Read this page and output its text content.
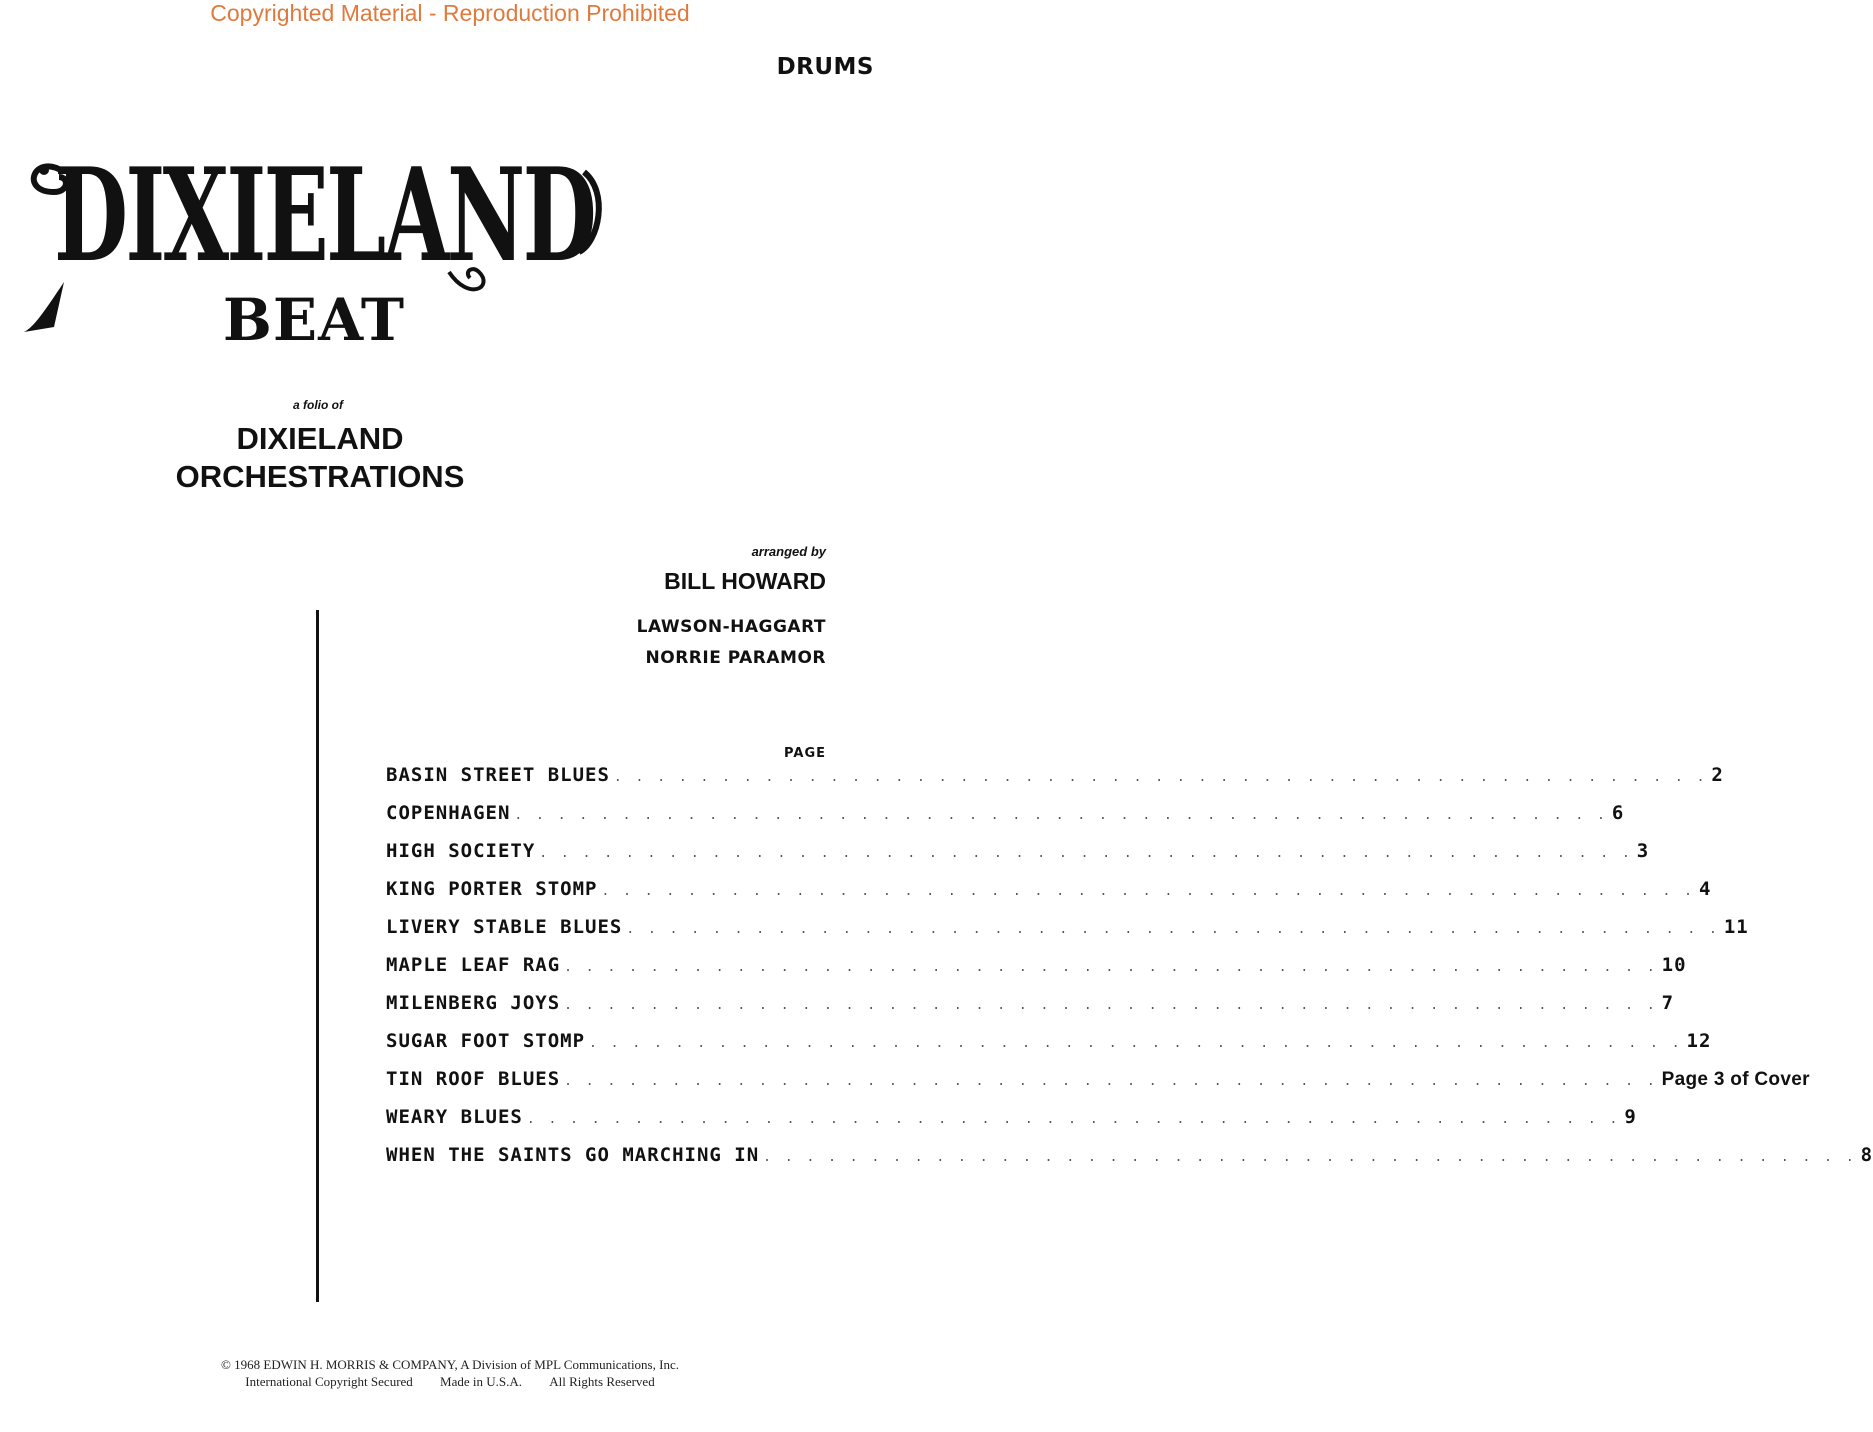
Copyrighted Material - Reproduction Prohibited
DRUMS
DIXIELAND
BEAT
a folio of
DIXIELAND
ORCHESTRATIONS
arranged by
BILL HOWARD
LAWSON-HAGGART
NORRIE PARAMOR
PAGE
BASIN STREET BLUES . . .	2
COPENHAGEN . . .	6
HIGH SOCIETY . . .	3
KING PORTER STOMP . . .	4
LIVERY STABLE BLUES . . .	11
MAPLE LEAF RAG . . .	10
MILENBERG JOYS . . .	7
SUGAR FOOT STOMP . . .	12
TIN ROOF BLUES . . .	Page 3 of Cover
WEARY BLUES . . .	9
WHEN THE SAINTS GO MARCHING IN . . .	8
© 1968 EDWIN H. MORRIS & COMPANY, A Division of MPL Communications, Inc.
International Copyright Secured Made in U.S.A. All Rights Reserved
